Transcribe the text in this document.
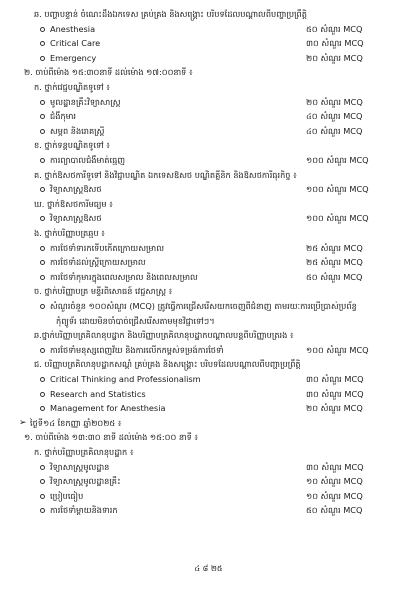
ឆ. បញ្ហាបន្ទាន់ ចំណេះដឹងឯកទេស គ្រប់គ្រង និងសង្គ្រោះ បរិបទដែលបណ្ដាលពីបញ្ហាប្រព្រឹត្តិ
Anesthesia	៥០ សំណួរ MCQ
Critical Care	៣០ សំណួរ MCQ
Emergency	២០ សំណួរ MCQ
២. ចាប់ពីម៉ោង ១៥:៣០នាទី ដល់ម៉ោង ១៧:០០នាទី ៖
ក. ថ្នាក់វេជ្ជបណ្ឌិតទូទៅ ៖
មូលដ្ឋានគ្រឹះវិទ្យាសាស្ត្រ	២០ សំណួរ MCQ
ជំងឺកុមារ	៤០ សំណួរ MCQ
សម្ភព និងរោគស្ត្រី	៤០ សំណួរ MCQ
ខ. ថ្នាក់ទន្តបណ្ឌិតទូទៅ ៖
ការព្យាបាលជំងឺមាត់ធ្មេញ	១០០ សំណួរ MCQ
គ. ថ្នាក់ឱសថការីទូទៅ និងវិជ្ជាបណ្ឌិត ឯកទេសឱសថ បណ្ឌិតគ្លីនិក និងឱសថការីធុរកិច្ច ៖
វិទ្យាសាស្ត្រឱសថ	១០០ សំណួរ MCQ
ឃ. ថ្នាក់ឱសថការីមធ្យម ៖
វិទ្យាសាស្ត្រឱសថ	១០០ សំណួរ MCQ
ង. ថ្នាក់បរិញ្ញាបត្រឆ្មប ៖
ការថែទាំទារកទើបកើតក្រោយសម្រាល	២៥ សំណួរ MCQ
ការថែទាំដល់ស្ត្រីក្រោយសម្រាល	២៥ សំណួរ MCQ
ការថែទាំកុមារក្នុងពេលសម្រាល និងពេលសម្រាល	៥០ សំណួរ MCQ
ច. ថ្នាក់បរិញ្ញាបត្រ មន្ទីរពិសោធន៍ វេជ្ជសាស្ត្រ ៖
សំណួរចំនួន ១០០សំណួរ (MCQ) ត្រូវធ្វើការជ្រើសរើសយកចេញពីជំនាញ តាមរយៈការប្រើប្រាស់ប្រព័ន្ធ
កុំព្យូទ័រ ដោយមិនចាំបាច់ជ្រើសរើសតាមមុខវិជ្ជាទៅៗ។
ឆ.ថ្នាក់បរិញ្ញាបត្រគិលានុបដ្ឋាក និងបរិញ្ញាបត្រគិលានុបដ្ឋាកបណ្ដាលបន្តពីបរិញ្ញាបត្ររង ៖
ការថែទាំមនុស្សពេញវ័យ និងការលើកកម្ពស់ទម្រង់ការថែទាំ	១០០ សំណួរ MCQ
ជ. បរិញ្ញាបត្រគិលានុបដ្ឋាកសណ្ដំ គ្រប់គ្រង និងសង្គ្រោះ បរិបទដែលបណ្ដាលពីបញ្ហាប្រព្រឹត្តិ
Critical Thinking and Professionalism	៣០ សំណួរ MCQ
Research and Statistics	៣០ សំណួរ MCQ
Management for Anesthesia	២០ សំណួរ MCQ
➢ ថ្ងៃទី១៤ ខែកញ្ញា ឆ្នាំ២០២៥ ៖
១. ចាប់ពីម៉ោង ១៣:៣០ នាទី ដល់ម៉ោង ១៥:០០ នាទី ៖
ក. ថ្នាក់បរិញ្ញាបត្រគិលានុបដ្ឋាក ៖
វិទ្យាសាស្ត្រមូលដ្ឋាន	៣០ សំណួរ MCQ
វិទ្យាសាស្ត្រមូលដ្ឋានគ្រឹះ	១០ សំណួរ MCQ
ប្រៀបធៀប	១០ សំណួរ MCQ
ការថែទាំម្ដាយនិងទារក	៥០ សំណួរ MCQ
៤ ៨ ២៥
